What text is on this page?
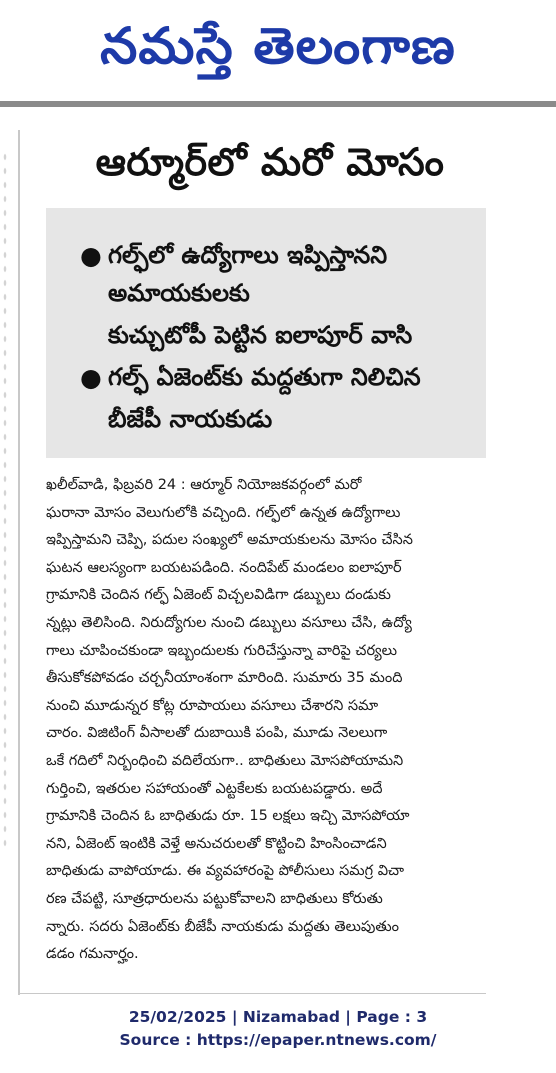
నమస్తే తెలంగాణ
ఆర్మూర్‌లో మరో మోసం
● గల్ఫ్‌లో ఉద్యోగాలు ఇప్పిస్తానని
అమాయకులకు
కుచ్చుటోపీ పెట్టిన ఐలాపూర్ వాసి
● గల్ఫ్ ఏజెంట్‌కు మద్దతుగా నిలిచిన
బీజేపీ నాయకుడు
ఖలీల్‌వాడి, ఫిబ్రవరి 24 : ఆర్మూర్ నియోజకవర్గంలో మరో
ఘరానా మోసం వెలుగులోకి వచ్చింది. గల్ఫ్‌లో ఉన్నత ఉద్యోగాలు
ఇప్పిస్తామని చెప్పి, పదుల సంఖ్యలో అమాయకులను మోసం చేసిన
ఘటన ఆలస్యంగా బయటపడింది. నందిపేట్ మండలం ఐలాపూర్
గ్రామానికి చెందిన గల్ఫ్ ఏజెంట్ విచ్చలవిడిగా డబ్బులు దండుకు
న్నట్లు తెలిసింది. నిరుద్యోగుల నుంచి డబ్బులు వసూలు చేసి, ఉద్యో
గాలు చూపించకుండా ఇబ్బందులకు గురిచేస్తున్నా వారిపై చర్యలు
తీసుకోకపోవడం చర్చనీయాంశంగా మారింది. సుమారు 35 మంది
నుంచి మూడున్నర కోట్ల రూపాయలు వసూలు చేశారని సమా
చారం. విజిటింగ్ వీసాలతో దుబాయికి పంపి, మూడు నెలలుగా
ఒకే గదిలో నిర్బంధించి వదిలేయగా.. బాధితులు మోసపోయామని
గుర్తించి, ఇతరుల సహాయంతో ఎట్టకేలకు బయటపడ్డారు. అదే
గ్రామానికి చెందిన ఓ బాధితుడు రూ. 15 లక్షలు ఇచ్చి మోసపోయా
నని, ఏజెంట్ ఇంటికి వెళ్తే అనుచరులతో కొట్టించి హింసించాడని
బాధితుడు వాపోయాడు. ఈ వ్యవహారంపై పోలీసులు సమగ్ర విచా
రణ చేపట్టి, సూత్రధారులను పట్టుకోవాలని బాధితులు కోరుతు
న్నారు. సదరు ఏజెంట్‌కు బీజేపీ నాయకుడు మద్దతు తెలుపుతుం
డడం గమనార్హం.
25/02/2025 | Nizamabad | Page : 3
Source : https://epaper.ntnews.com/
